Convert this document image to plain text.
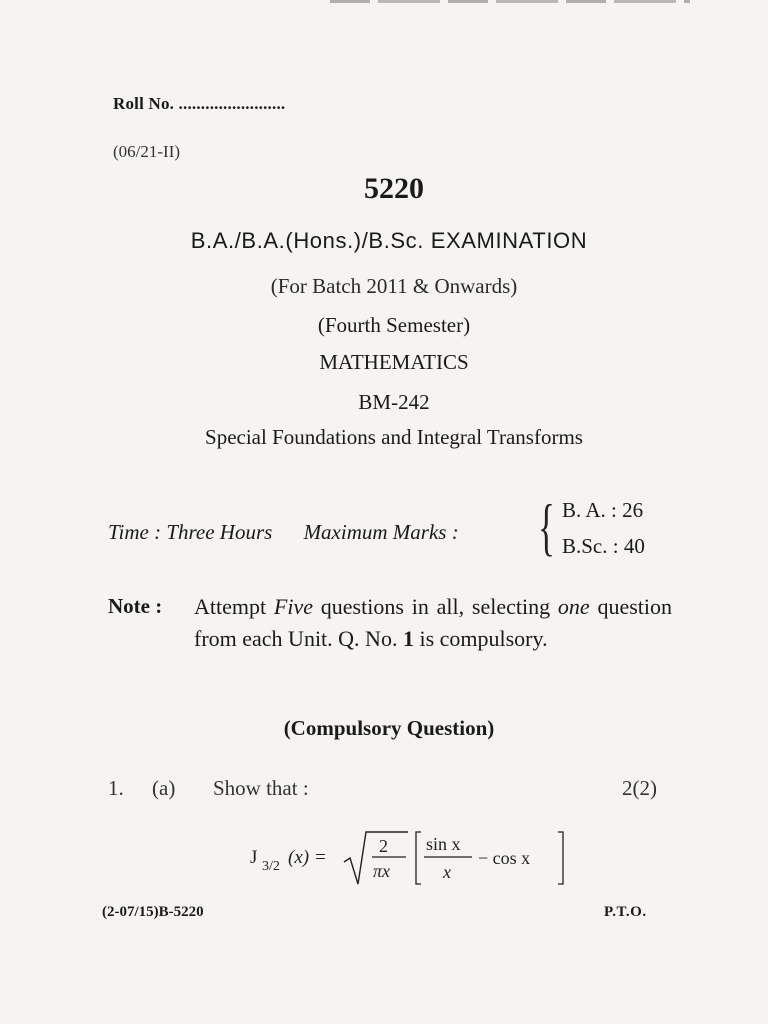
Roll No. ........................
(06/21-II)
5220
B.A./B.A.(Hons.)/B.Sc. EXAMINATION
(For Batch 2011 & Onwards)
(Fourth Semester)
MATHEMATICS
BM-242
Special Foundations and Integral Transforms
Time : Three Hours Maximum Marks : { B. A. : 26
B.Sc. : 40
Note : Attempt Five questions in all, selecting one question from each Unit. Q. No. 1 is compulsory.
(Compulsory Question)
1. (a) Show that :	2(2)
J 3/2 (x) =
2
πx
sin x
x
− cos x
(2-07/15)B-5220	P.T.O.
